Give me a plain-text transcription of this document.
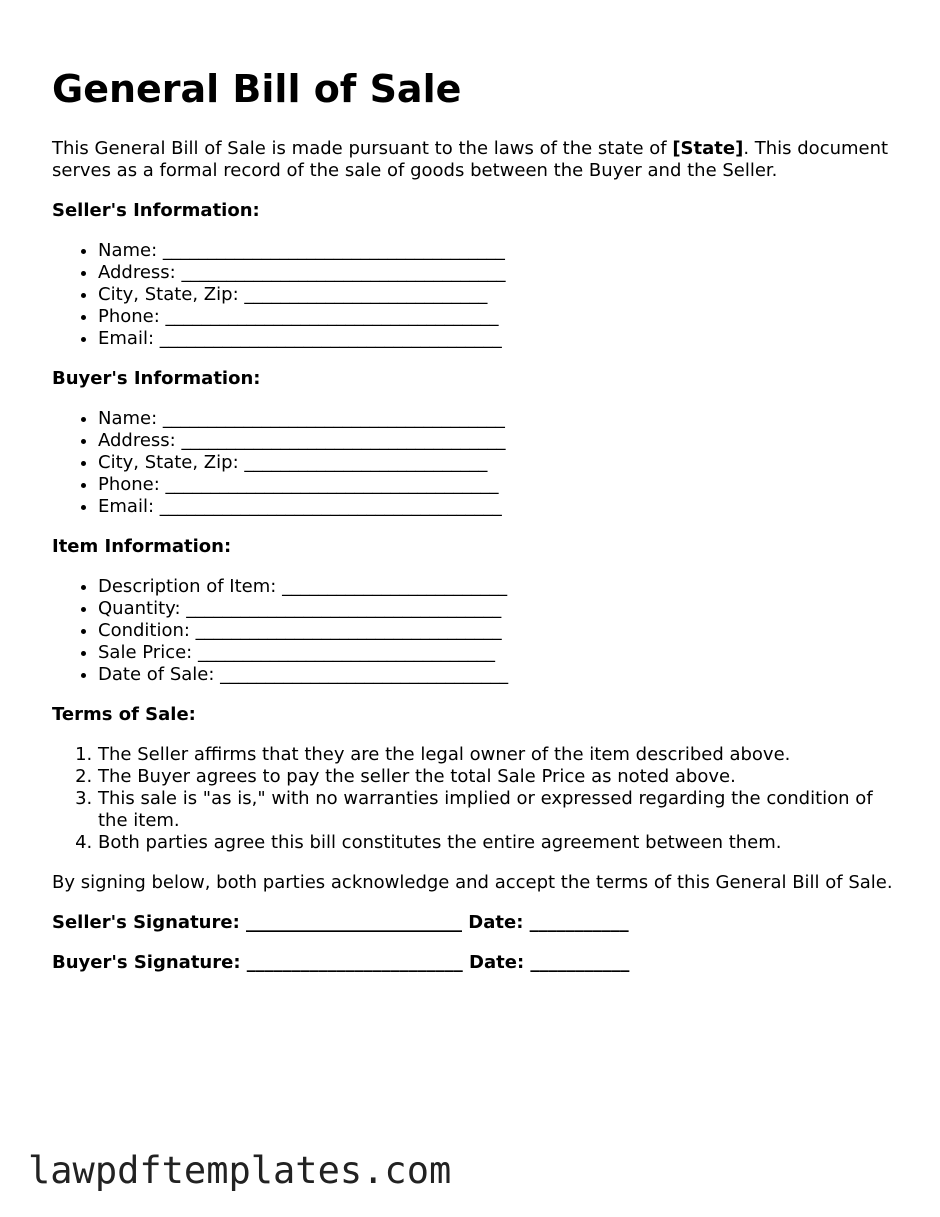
General Bill of Sale

This General Bill of Sale is made pursuant to the laws of the state of [State]. This document serves as a formal record of the sale of goods between the Buyer and the Seller.

Seller's Information:
• Name: ______________________________________
• Address: ____________________________________
• City, State, Zip: ___________________________
• Phone: _____________________________________
• Email: ______________________________________
Buyer's Information:
• Name: ______________________________________
• Address: ____________________________________
• City, State, Zip: ___________________________
• Phone: _____________________________________
• Email: ______________________________________
Item Information:
• Description of Item: _________________________
• Quantity: ___________________________________
• Condition: __________________________________
• Sale Price: _________________________________
• Date of Sale: ________________________________
Terms of Sale:
1. The Seller affirms that they are the legal owner of the item described above.
2. The Buyer agrees to pay the seller the total Sale Price as noted above.
3. This sale is "as is," with no warranties implied or expressed regarding the condition of the item.
4. Both parties agree this bill constitutes the entire agreement between them.

By signing below, both parties acknowledge and accept the terms of this General Bill of Sale.

Seller's Signature: ________________________ Date: ___________
Buyer's Signature: ________________________ Date: ___________
lawpdftemplates.com
